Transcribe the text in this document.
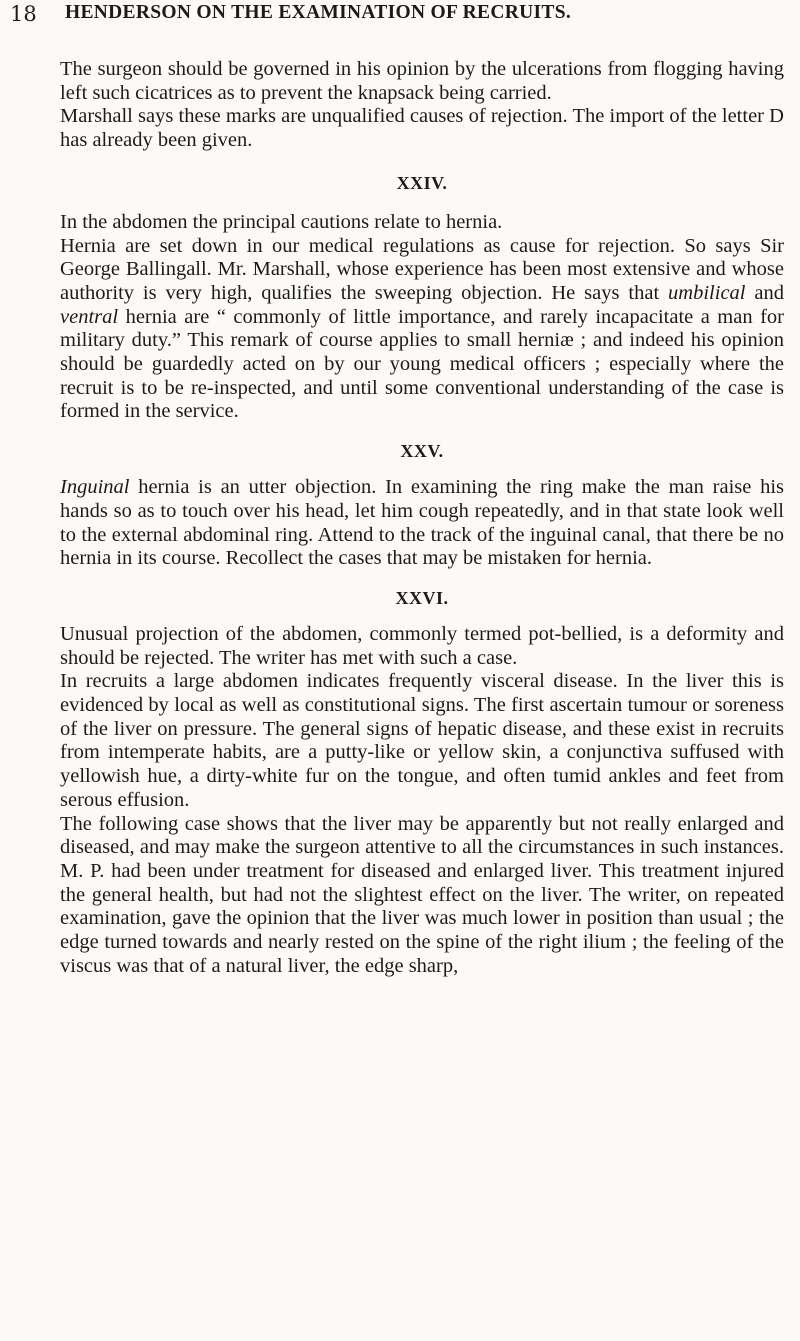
18 HENDERSON ON THE EXAMINATION OF RECRUITS.

The surgeon should be governed in his opinion by the ulcerations from flogging having left such cicatrices as to prevent the knapsack being carried.

Marshall says these marks are unqualified causes of rejection. The import of the letter D has already been given.

XXIV.

In the abdomen the principal cautions relate to hernia.

Hernia are set down in our medical regulations as cause for rejection. So says Sir George Ballingall. Mr. Marshall, whose experience has been most extensive and whose authority is very high, qualifies the sweeping objection. He says that umbilical and ventral hernia are “ commonly of little importance, and rarely incapacitate a man for military duty.” This remark of course applies to small herniæ ; and indeed his opinion should be guardedly acted on by our young medical officers ; especially where the recruit is to be re-inspected, and until some conventional understanding of the case is formed in the service.

XXV.

Inguinal hernia is an utter objection. In examining the ring make the man raise his hands so as to touch over his head, let him cough repeatedly, and in that state look well to the external abdominal ring. Attend to the track of the inguinal canal, that there be no hernia in its course. Recollect the cases that may be mistaken for hernia.

XXVI.

Unusual projection of the abdomen, commonly termed pot-bellied, is a deformity and should be rejected. The writer has met with such a case.

In recruits a large abdomen indicates frequently visceral disease. In the liver this is evidenced by local as well as constitutional signs. The first ascertain tumour or soreness of the liver on pressure. The general signs of hepatic disease, and these exist in recruits from intemperate habits, are a putty-like or yellow skin, a conjunctiva suffused with yellowish hue, a dirty-white fur on the tongue, and often tumid ankles and feet from serous effusion.

The following case shows that the liver may be apparently but not really enlarged and diseased, and may make the surgeon attentive to all the circumstances in such instances. M. P. had been under treatment for diseased and enlarged liver. This treatment injured the general health, but had not the slightest effect on the liver. The writer, on repeated examination, gave the opinion that the liver was much lower in position than usual ; the edge turned towards and nearly rested on the spine of the right ilium ; the feeling of the viscus was that of a natural liver, the edge sharp,
